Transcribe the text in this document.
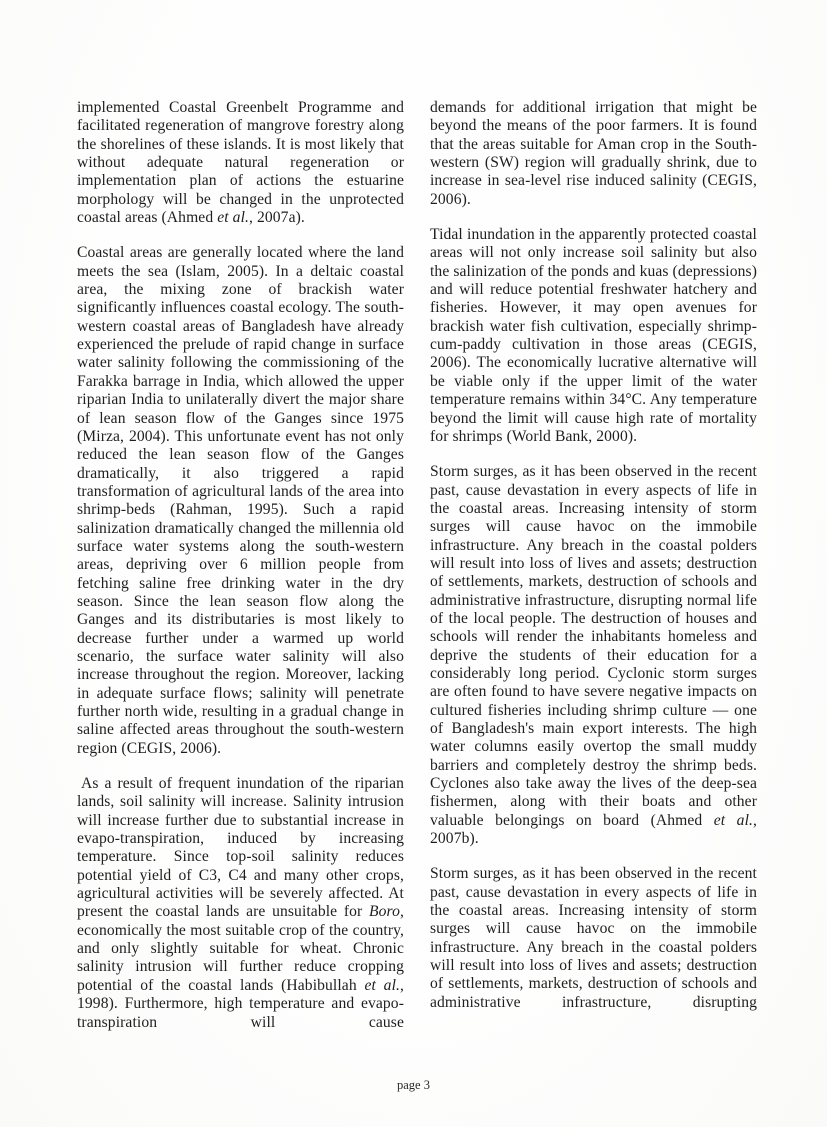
implemented Coastal Greenbelt Programme and facilitated regeneration of mangrove forestry along the shorelines of these islands. It is most likely that without adequate natural regeneration or implementation plan of actions the estuarine morphology will be changed in the unprotected coastal areas (Ahmed et al., 2007a).

Coastal areas are generally located where the land meets the sea (Islam, 2005). In a deltaic coastal area, the mixing zone of brackish water significantly influences coastal ecology. The south-western coastal areas of Bangladesh have already experienced the prelude of rapid change in surface water salinity following the commissioning of the Farakka barrage in India, which allowed the upper riparian India to unilaterally divert the major share of lean season flow of the Ganges since 1975 (Mirza, 2004). This unfortunate event has not only reduced the lean season flow of the Ganges dramatically, it also triggered a rapid transformation of agricultural lands of the area into shrimp-beds (Rahman, 1995). Such a rapid salinization dramatically changed the millennia old surface water systems along the south-western areas, depriving over 6 million people from fetching saline free drinking water in the dry season. Since the lean season flow along the Ganges and its distributaries is most likely to decrease further under a warmed up world scenario, the surface water salinity will also increase throughout the region. Moreover, lacking in adequate surface flows; salinity will penetrate further north wide, resulting in a gradual change in saline affected areas throughout the south-western region (CEGIS, 2006).

As a result of frequent inundation of the riparian lands, soil salinity will increase. Salinity intrusion will increase further due to substantial increase in evapo-transpiration, induced by increasing temperature. Since top-soil salinity reduces potential yield of C3, C4 and many other crops, agricultural activities will be severely affected. At present the coastal lands are unsuitable for Boro, economically the most suitable crop of the country, and only slightly suitable for wheat. Chronic salinity intrusion will further reduce cropping potential of the coastal lands (Habibullah et al., 1998). Furthermore, high temperature and evapo-transpiration will cause

demands for additional irrigation that might be beyond the means of the poor farmers. It is found that the areas suitable for Aman crop in the South-western (SW) region will gradually shrink, due to increase in sea-level rise induced salinity (CEGIS, 2006).

Tidal inundation in the apparently protected coastal areas will not only increase soil salinity but also the salinization of the ponds and kuas (depressions) and will reduce potential freshwater hatchery and fisheries. However, it may open avenues for brackish water fish cultivation, especially shrimp-cum-paddy cultivation in those areas (CEGIS, 2006). The economically lucrative alternative will be viable only if the upper limit of the water temperature remains within 34°C. Any temperature beyond the limit will cause high rate of mortality for shrimps (World Bank, 2000).

Storm surges, as it has been observed in the recent past, cause devastation in every aspects of life in the coastal areas. Increasing intensity of storm surges will cause havoc on the immobile infrastructure. Any breach in the coastal polders will result into loss of lives and assets; destruction of settlements, markets, destruction of schools and administrative infrastructure, disrupting normal life of the local people. The destruction of houses and schools will render the inhabitants homeless and deprive the students of their education for a considerably long period. Cyclonic storm surges are often found to have severe negative impacts on cultured fisheries including shrimp culture — one of Bangladesh's main export interests. The high water columns easily overtop the small muddy barriers and completely destroy the shrimp beds. Cyclones also take away the lives of the deep-sea fishermen, along with their boats and other valuable belongings on board (Ahmed et al., 2007b).

Storm surges, as it has been observed in the recent past, cause devastation in every aspects of life in the coastal areas. Increasing intensity of storm surges will cause havoc on the immobile infrastructure. Any breach in the coastal polders will result into loss of lives and assets; destruction of settlements, markets, destruction of schools and administrative infrastructure, disrupting

page 3
